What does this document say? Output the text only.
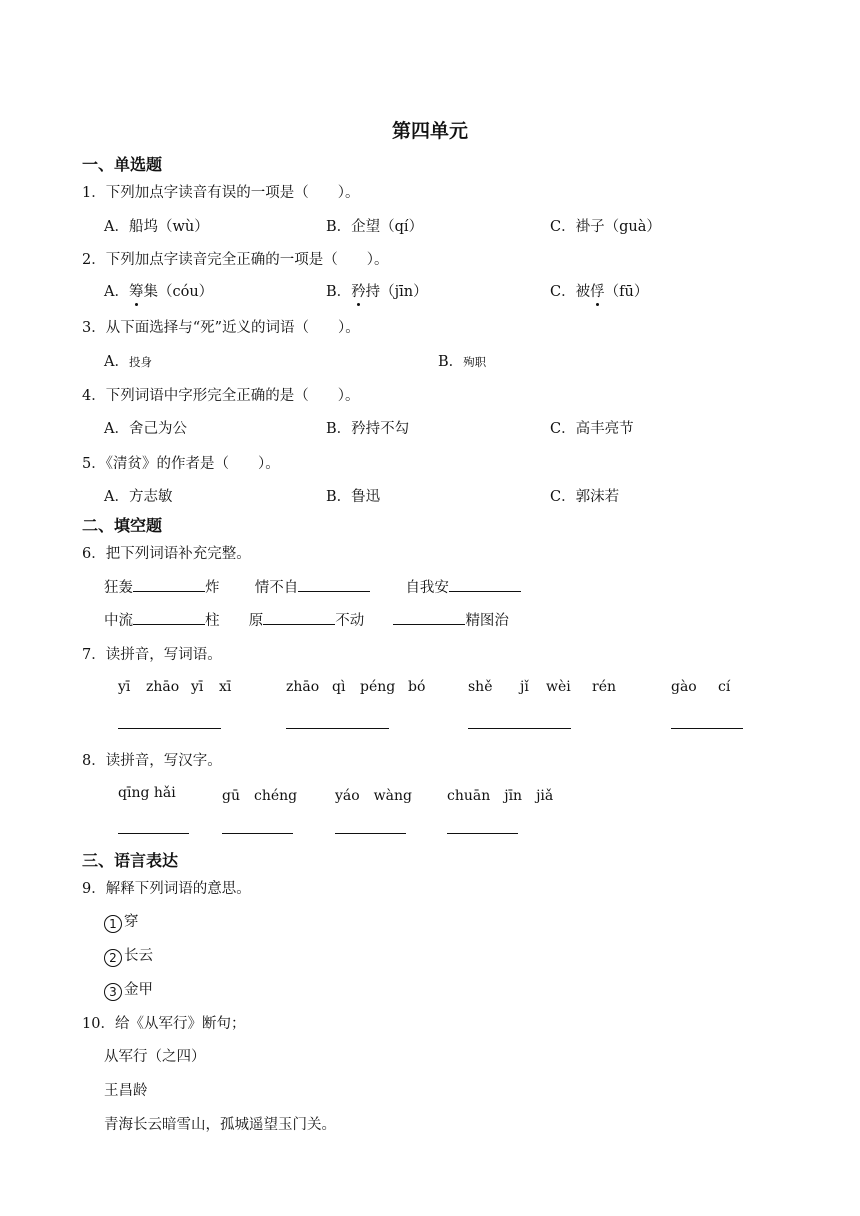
第四单元
一、单选题
1．下列加点字读音有误的一项是（　　）。
A．船坞（wù）	B．企望（qí）	C．褂子（guà）
2．下列加点字读音完全正确的一项是（　　）。
A．筹集（cóu）	B．矜持（jīn）	C．被俘（fū）
3．从下面选择与“死”近义的词语（　　）。
A．投身	B．殉职
4．下列词语中字形完全正确的是（　　）。
A．舍己为公	B．矜持不勾	C．高丰亮节
5．《清贫》的作者是（　　）。
A．方志敏	B．鲁迅	C．郭沫若
二、填空题
6．把下列词语补充完整。
狂轰	炸 情不自	自我安
中流	柱 原	不动	精图治
7．读拼音，写词语。
yī zhāo yī xī	zhāo qì péng bó	shě jǐ wèi rén	gào cí
8．读拼音，写汉字。
qīng hǎi	gū　chéng	yáo　wàng	chuān　jīn　jiǎ
三、语言表达
9．解释下列词语的意思。
1 穿
2 长云
3 金甲
10．给《从军行》断句；
从军行（之四）
王昌龄
青海长云暗雪山，孤城遥望玉门关。
